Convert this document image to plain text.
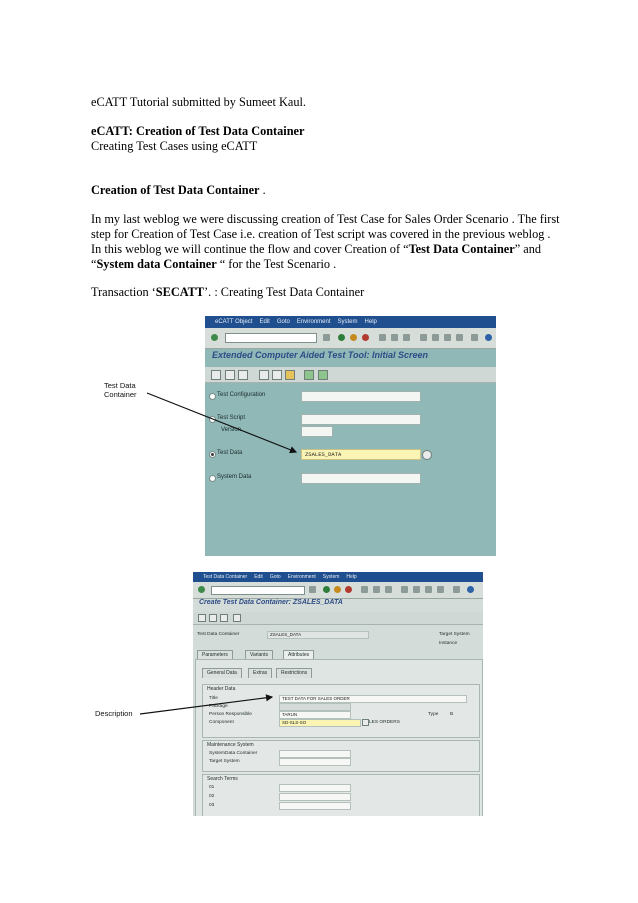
eCATT Tutorial submitted by Sumeet Kaul.
eCATT: Creation of Test Data Container
Creating Test Cases using eCATT
Creation of Test Data Container .
In my last weblog we were discussing creation of Test Case for Sales Order Scenario . The first step for Creation of Test Case i.e. creation of Test script was covered in the previous weblog . In this weblog we will continue the flow and cover Creation of “Test Data Container” and “System data Container “ for the Test Scenario .
Transaction ‘SECATT’. : Creating Test Data Container
eCATT Object Edit Goto Environment System Help
Extended Computer Aided Test Tool: Initial Screen
Test Configuration
Test Script
Version
Test Data	ZSALES_DATA
System Data
Test Data Container Edit Goto Environment System Help
Create Test Data Container: ZSALES_DATA
Test Data Container	ZSALES_DATA	Target System
Instance
Parameters	Variants	Attributes
General Data	Extras	Restrictions
Header Data
Title	TEST DATA FOR SALES ORDER
Package
Person Responsible	TARUN	Type B
Component	SD-SLS-SO	LES ORDERS
Maintenance System
SystemData Container
Target System
Search Terms
01
02
03
Test Data
Container
Description
